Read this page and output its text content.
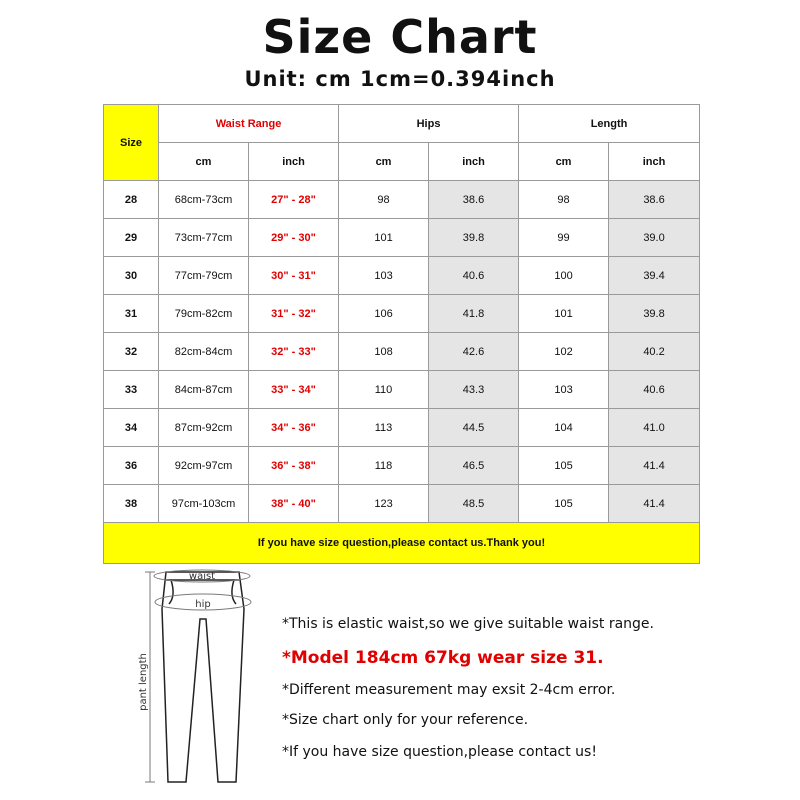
Size Chart
Unit: cm 1cm=0.394inch
Size	Waist Range		Hips		Length	
	cm	inch	cm	inch	cm	inch
28	68cm-73cm	27" - 28"	98	38.6	98	38.6
29	73cm-77cm	29" - 30"	101	39.8	99	39.0
30	77cm-79cm	30" - 31"	103	40.6	100	39.4
31	79cm-82cm	31" - 32"	106	41.8	101	39.8
32	82cm-84cm	32" - 33"	108	42.6	102	40.2
33	84cm-87cm	33" - 34"	110	43.3	103	40.6
34	87cm-92cm	34" - 36"	113	44.5	104	41.0
36	92cm-97cm	36" - 38"	118	46.5	105	41.4
38	97cm-103cm	38" - 40"	123	48.5	105	41.4
If you have size question,please contact us.Thank you!						
waist
hip
pant length
*This is elastic waist,so we give suitable waist range.
*Model 184cm 67kg wear size 31.
*Different measurement may exsit 2-4cm error.
*Size chart only for your reference.
*If you have size question,please contact us!
